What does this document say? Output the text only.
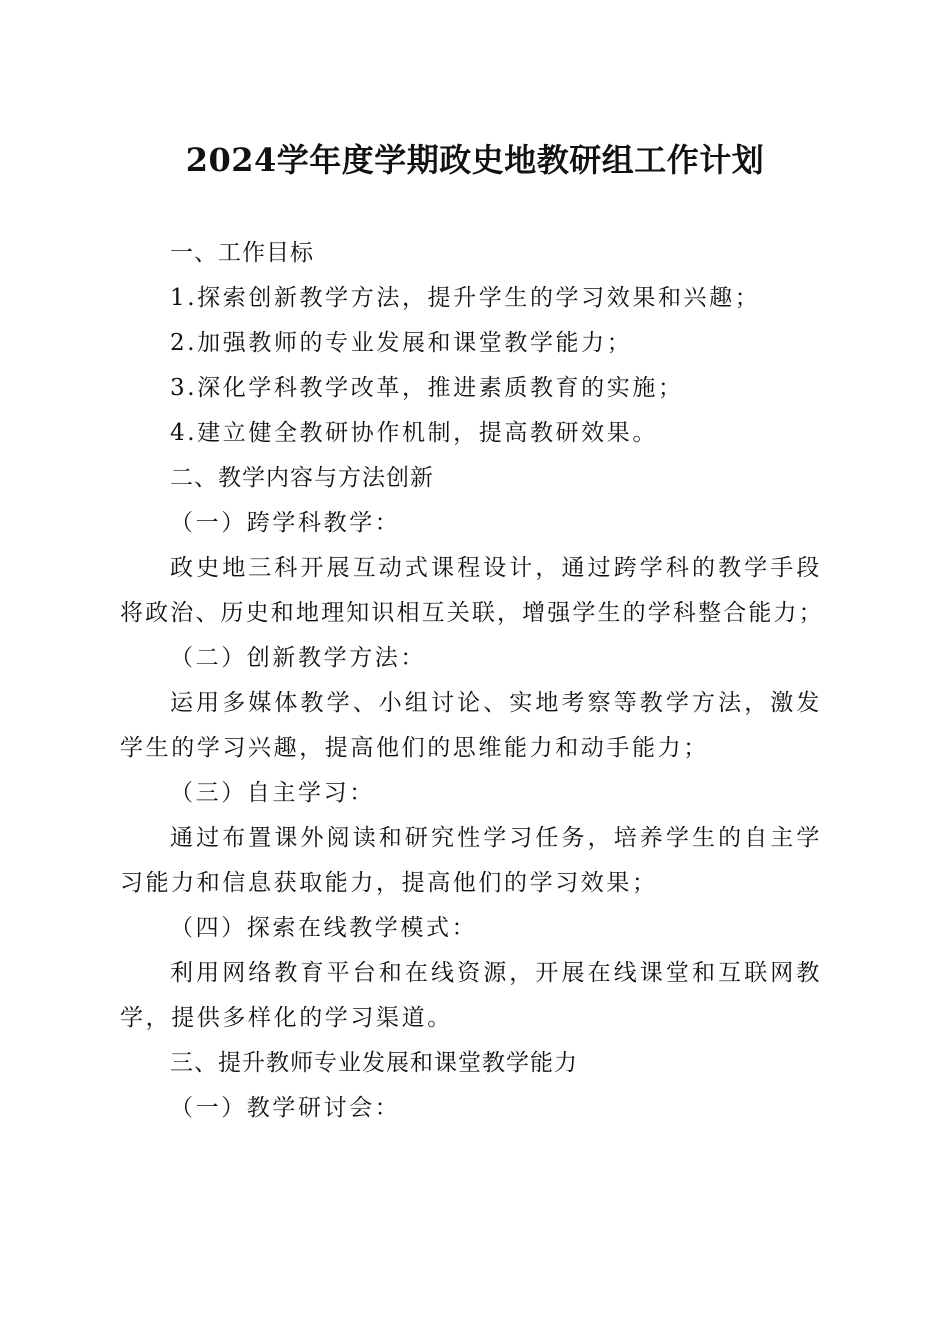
2024学年度学期政史地教研组工作计划
一、工作目标
1.探索创新教学方法，提升学生的学习效果和兴趣；
2.加强教师的专业发展和课堂教学能力；
3.深化学科教学改革，推进素质教育的实施；
4.建立健全教研协作机制，提高教研效果。
二、教学内容与方法创新
（一）跨学科教学：
政史地三科开展互动式课程设计，通过跨学科的教学手段
将政治、历史和地理知识相互关联，增强学生的学科整合能力；
（二）创新教学方法：
运用多媒体教学、小组讨论、实地考察等教学方法，激发
学生的学习兴趣，提高他们的思维能力和动手能力；
（三）自主学习：
通过布置课外阅读和研究性学习任务，培养学生的自主学
习能力和信息获取能力，提高他们的学习效果；
（四）探索在线教学模式：
利用网络教育平台和在线资源，开展在线课堂和互联网教
学，提供多样化的学习渠道。
三、提升教师专业发展和课堂教学能力
（一）教学研讨会：
